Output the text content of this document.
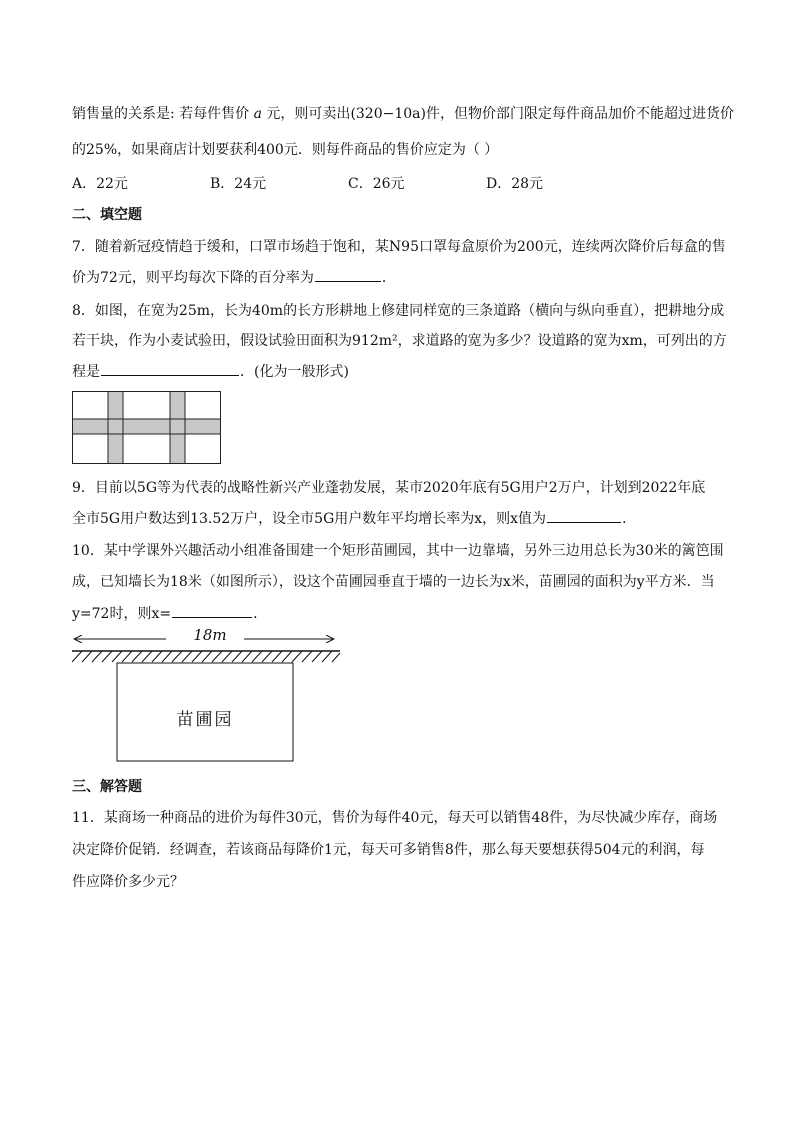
销售量的关系是: 若每件售价 a 元，则可卖出(320−10a)件，但物价部门限定每件商品加价不能超过进货价
的25%，如果商店计划要获利400元．则每件商品的售价应定为（ ）
A．22元	B．24元	C．26元	D．28元
二、填空题
7．随着新冠疫情趋于缓和，口罩市场趋于饱和，某N95口罩每盒原价为200元，连续两次降价后每盒的售
价为72元，则平均每次下降的百分率为	．
8．如图，在宽为25m，长为40m的长方形耕地上修建同样宽的三条道路（横向与纵向垂直），把耕地分成
若干块，作为小麦试验田，假设试验田面积为912m²，求道路的宽为多少？设道路的宽为xm，可列出的方
程是	．(化为一般形式)
9．目前以5G等为代表的战略性新兴产业蓬勃发展，某市2020年底有5G用户2万户，计划到2022年底
全市5G用户数达到13.52万户，设全市5G用户数年平均增长率为x，则x值为	．
10．某中学课外兴趣活动小组准备围建一个矩形苗圃园，其中一边靠墙，另外三边用总长为30米的篱笆围
成，已知墙长为18米（如图所示），设这个苗圃园垂直于墙的一边长为x米，苗圃园的面积为y平方米．当
y=72时，则x=	．
18m
苗圃园
三、解答题
11．某商场一种商品的进价为每件30元，售价为每件40元，每天可以销售48件，为尽快减少库存，商场
决定降价促销．经调查，若该商品每降价1元，每天可多销售8件，那么每天要想获得504元的利润，每
件应降价多少元？
